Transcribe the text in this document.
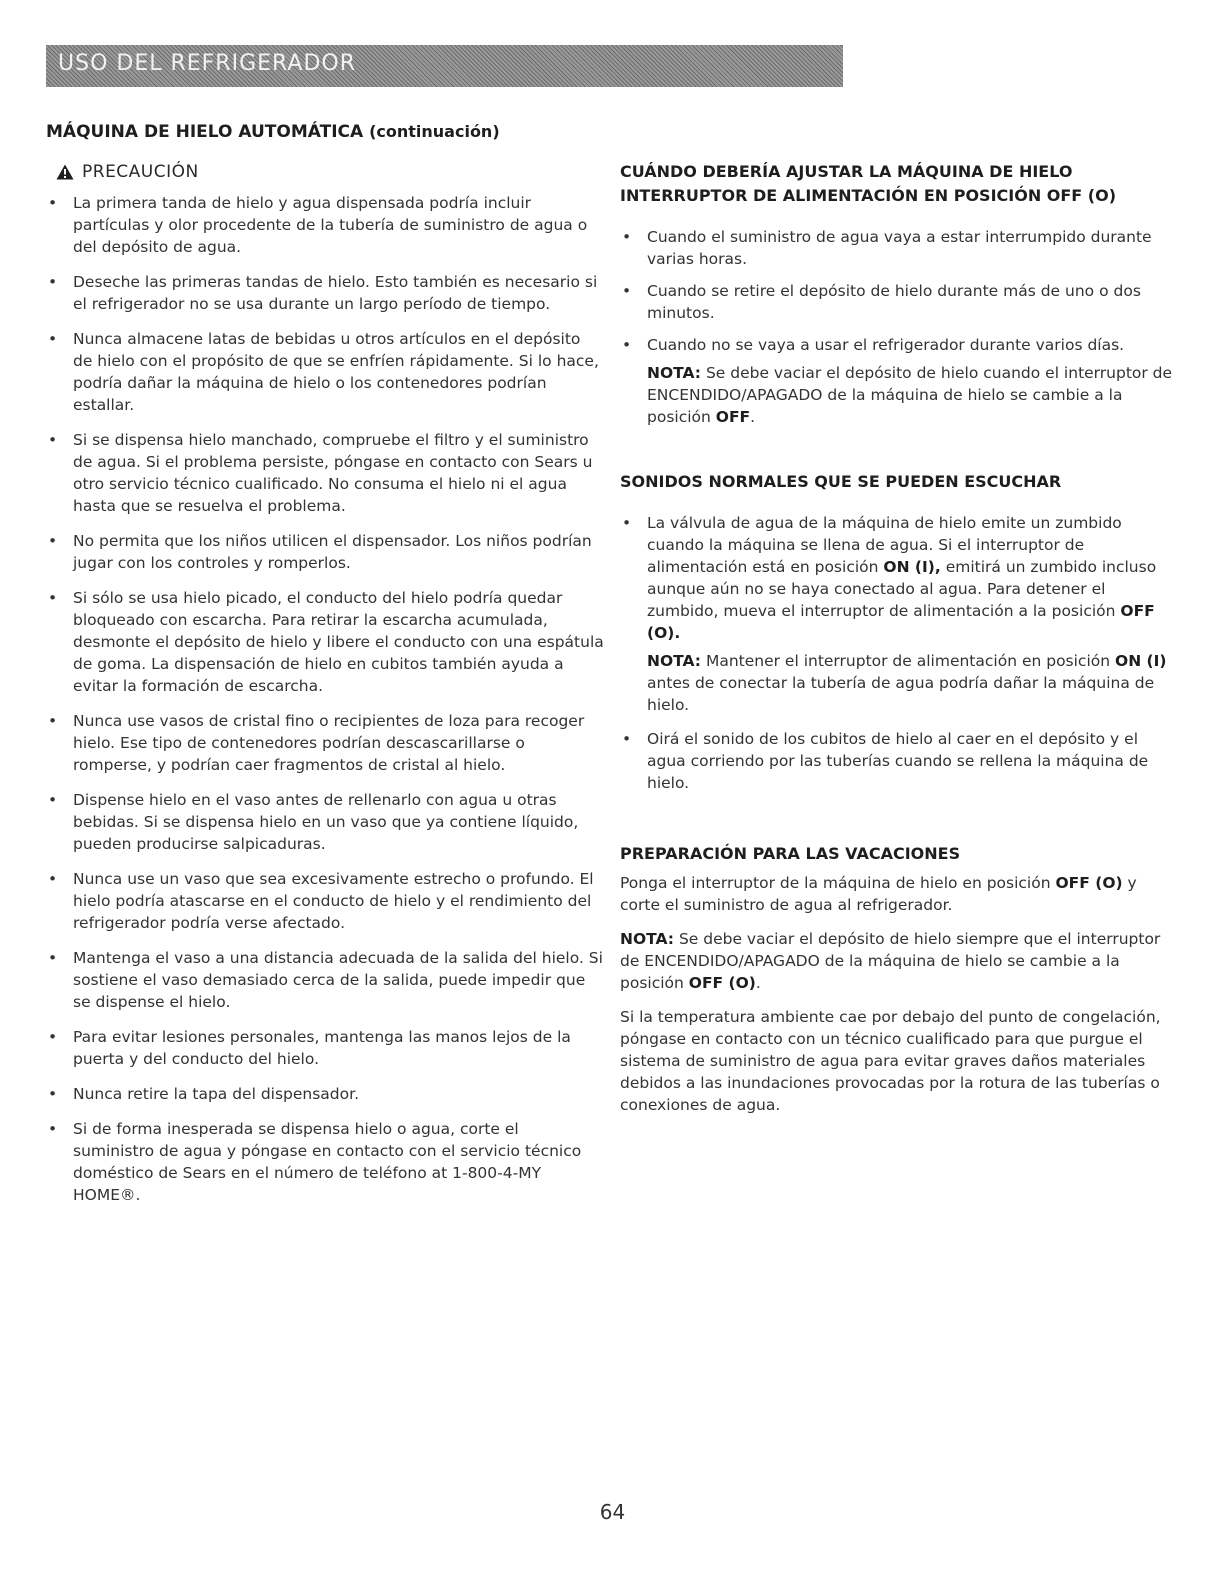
USO DEL REFRIGERADOR
MÁQUINA DE HIELO AUTOMÁTICA (continuación)
PRECAUCIÓN
• La primera tanda de hielo y agua dispensada podría incluir partículas y olor procedente de la tubería de suministro de agua o del depósito de agua.
• Deseche las primeras tandas de hielo. Esto también es necesario si el refrigerador no se usa durante un largo período de tiempo.
• Nunca almacene latas de bebidas u otros artículos en el depósito de hielo con el propósito de que se enfríen rápidamente. Si lo hace, podría dañar la máquina de hielo o los contenedores podrían estallar.
• Si se dispensa hielo manchado, compruebe el filtro y el suministro de agua. Si el problema persiste, póngase en contacto con Sears u otro servicio técnico cualificado. No consuma el hielo ni el agua hasta que se resuelva el problema.
• No permita que los niños utilicen el dispensador. Los niños podrían jugar con los controles y romperlos.
• Si sólo se usa hielo picado, el conducto del hielo podría quedar bloqueado con escarcha. Para retirar la escarcha acumulada, desmonte el depósito de hielo y libere el conducto con una espátula de goma. La dispensación de hielo en cubitos también ayuda a evitar la formación de escarcha.
• Nunca use vasos de cristal fino o recipientes de loza para recoger hielo. Ese tipo de contenedores podrían descascarillarse o romperse, y podrían caer fragmentos de cristal al hielo.
• Dispense hielo en el vaso antes de rellenarlo con agua u otras bebidas. Si se dispensa hielo en un vaso que ya contiene líquido, pueden producirse salpicaduras.
• Nunca use un vaso que sea excesivamente estrecho o profundo. El hielo podría atascarse en el conducto de hielo y el rendimiento del refrigerador podría verse afectado.
• Mantenga el vaso a una distancia adecuada de la salida del hielo. Si sostiene el vaso demasiado cerca de la salida, puede impedir que se dispense el hielo.
• Para evitar lesiones personales, mantenga las manos lejos de la puerta y del conducto del hielo.
• Nunca retire la tapa del dispensador.
• Si de forma inesperada se dispensa hielo o agua, corte el suministro de agua y póngase en contacto con el servicio técnico doméstico de Sears en el número de teléfono at 1-800-4-MY HOME®.
CUÁNDO DEBERÍA AJUSTAR LA MÁQUINA DE HIELO INTERRUPTOR DE ALIMENTACIÓN EN POSICIÓN OFF (O)
• Cuando el suministro de agua vaya a estar interrumpido durante varias horas.
• Cuando se retire el depósito de hielo durante más de uno o dos minutos.
• Cuando no se vaya a usar el refrigerador durante varios días.

NOTA: Se debe vaciar el depósito de hielo cuando el interruptor de ENCENDIDO/APAGADO de la máquina de hielo se cambie a la posición OFF.

SONIDOS NORMALES QUE SE PUEDEN ESCUCHAR
• La válvula de agua de la máquina de hielo emite un zumbido cuando la máquina se llena de agua. Si el interruptor de alimentación está en posición ON (I), emitirá un zumbido incluso aunque aún no se haya conectado al agua. Para detener el zumbido, mueva el interruptor de alimentación a la posición OFF (O).

NOTA: Mantener el interruptor de alimentación en posición ON (I) antes de conectar la tubería de agua podría dañar la máquina de hielo.

• Oirá el sonido de los cubitos de hielo al caer en el depósito y el agua corriendo por las tuberías cuando se rellena la máquina de hielo.
PREPARACIÓN PARA LAS VACACIONES

Ponga el interruptor de la máquina de hielo en posición OFF (O) y corte el suministro de agua al refrigerador.

NOTA: Se debe vaciar el depósito de hielo siempre que el interruptor de ENCENDIDO/APAGADO de la máquina de hielo se cambie a la posición OFF (O).

Si la temperatura ambiente cae por debajo del punto de congelación, póngase en contacto con un técnico cualificado para que purgue el sistema de suministro de agua para evitar graves daños materiales debidos a las inundaciones provocadas por la rotura de las tuberías o conexiones de agua.

64
